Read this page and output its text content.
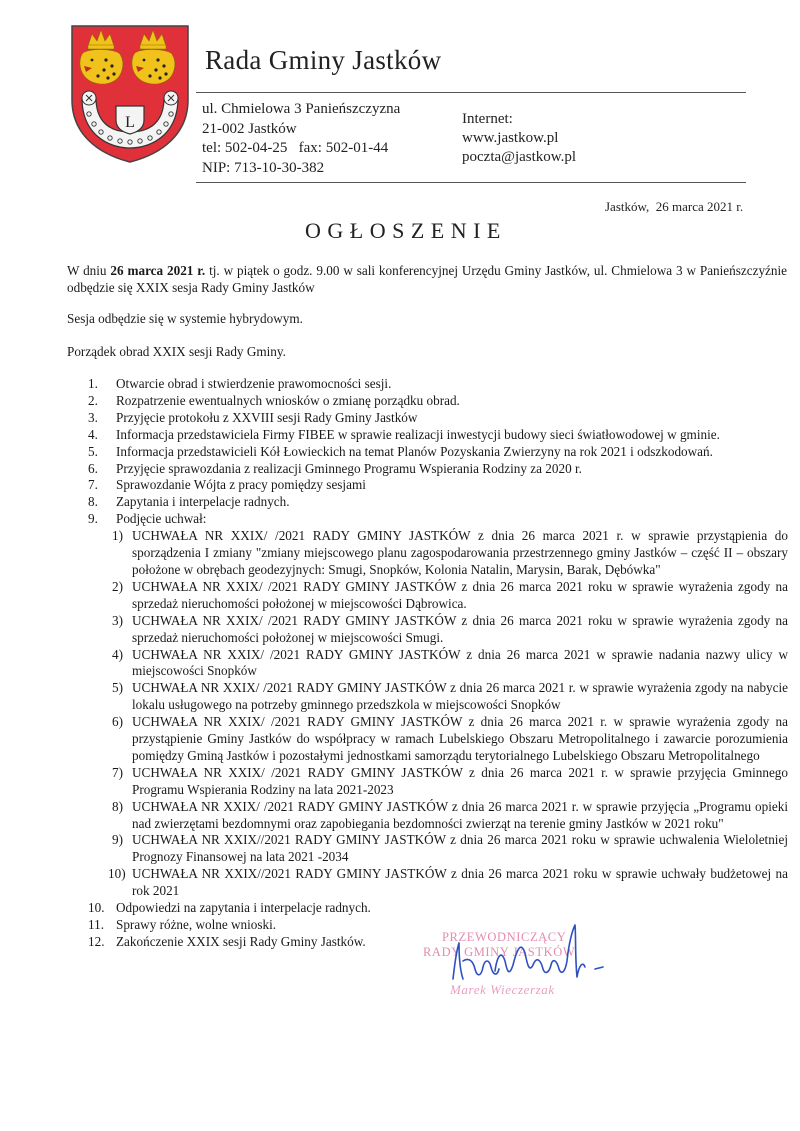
L
Rada Gminy Jastków
ul. Chmielowa 3 Panieńszczyzna
21-002 Jastków
tel: 502-04-25   fax: 502-01-44
NIP: 713-10-30-382
Internet:
www.jastkow.pl
poczta@jastkow.pl
Jastków,  26 marca 2021 r.
OGŁOSZENIE
W dniu 26 marca 2021 r. tj. w piątek o godz. 9.00 w sali konferencyjnej Urzędu Gminy Jastków, ul. Chmielowa 3 w Panieńszczyźnie odbędzie się XXIX sesja Rady Gminy Jastków
Sesja odbędzie się w systemie hybrydowym.
Porządek obrad XXIX sesji Rady Gminy.
1.	Otwarcie obrad i stwierdzenie prawomocności sesji.
2.	Rozpatrzenie ewentualnych wniosków o zmianę porządku obrad.
3.	Przyjęcie protokołu z XXVIII sesji Rady Gminy Jastków
4.	Informacja przedstawiciela Firmy FIBEE w sprawie realizacji inwestycji budowy sieci światłowodowej w gminie.
5.	Informacja przedstawicieli Kół Łowieckich na temat Planów Pozyskania Zwierzyny na rok 2021 i odszkodowań.
6.	Przyjęcie sprawozdania z realizacji Gminnego Programu Wspierania Rodziny za 2020 r.
7.	Sprawozdanie Wójta z pracy pomiędzy sesjami
8.	Zapytania i interpelacje radnych.
9.	Podjęcie uchwał:
1) UCHWAŁA NR XXIX/ /2021 RADY GMINY JASTKÓW z dnia 26 marca 2021 r. w sprawie przystąpienia do sporządzenia I zmiany "zmiany miejscowego planu zagospodarowania przestrzennego gminy Jastków – część II – obszary położone w obrębach geodezyjnych: Smugi, Snopków, Kolonia Natalin, Marysin, Barak, Dębówka"
2) UCHWAŁA NR XXIX/ /2021 RADY GMINY JASTKÓW z dnia 26 marca 2021 roku w sprawie wyrażenia zgody na sprzedaż nieruchomości położonej w miejscowości Dąbrowica.
3) UCHWAŁA NR XXIX/ /2021 RADY GMINY JASTKÓW z dnia 26 marca 2021 roku w sprawie wyrażenia zgody na sprzedaż nieruchomości położonej w miejscowości Smugi.
4) UCHWAŁA NR XXIX/ /2021 RADY GMINY JASTKÓW z dnia 26 marca 2021 w sprawie nadania nazwy ulicy w miejscowości Snopków
5) UCHWAŁA NR XXIX/ /2021 RADY GMINY JASTKÓW z dnia 26 marca 2021 r. w sprawie wyrażenia zgody na nabycie lokalu usługowego na potrzeby gminnego przedszkola w miejscowości Snopków
6) UCHWAŁA NR XXIX/ /2021 RADY GMINY JASTKÓW z dnia 26 marca 2021 r. w sprawie wyrażenia zgody na przystąpienie Gminy Jastków do współpracy w ramach Lubelskiego Obszaru Metropolitalnego i zawarcie porozumienia pomiędzy Gminą Jastków i pozostałymi jednostkami samorządu terytorialnego Lubelskiego Obszaru Metropolitalnego
7) UCHWAŁA NR XXIX/ /2021 RADY GMINY JASTKÓW z dnia 26 marca 2021 r. w sprawie przyjęcia Gminnego Programu Wspierania Rodziny na lata 2021-2023
8) UCHWAŁA NR XXIX/ /2021 RADY GMINY JASTKÓW z dnia 26 marca 2021 r. w sprawie przyjęcia „Programu opieki nad zwierzętami bezdomnymi oraz zapobiegania bezdomności zwierząt na terenie gminy Jastków w 2021 roku"
9) UCHWAŁA NR XXIX//2021 RADY GMINY JASTKÓW z dnia 26 marca 2021 roku w sprawie uchwalenia Wieloletniej Prognozy Finansowej na lata 2021 -2034
10) UCHWAŁA NR XXIX//2021 RADY GMINY JASTKÓW z dnia 26 marca 2021 roku w sprawie uchwały budżetowej na rok 2021
10. Odpowiedzi na zapytania i interpelacje radnych.
11. Sprawy różne, wolne wnioski.
12. Zakończenie XXIX sesji Rady Gminy Jastków.	PRZEWODNICZĄCY
RADY GMINY JASTKÓW
Marek Wieczerzak
